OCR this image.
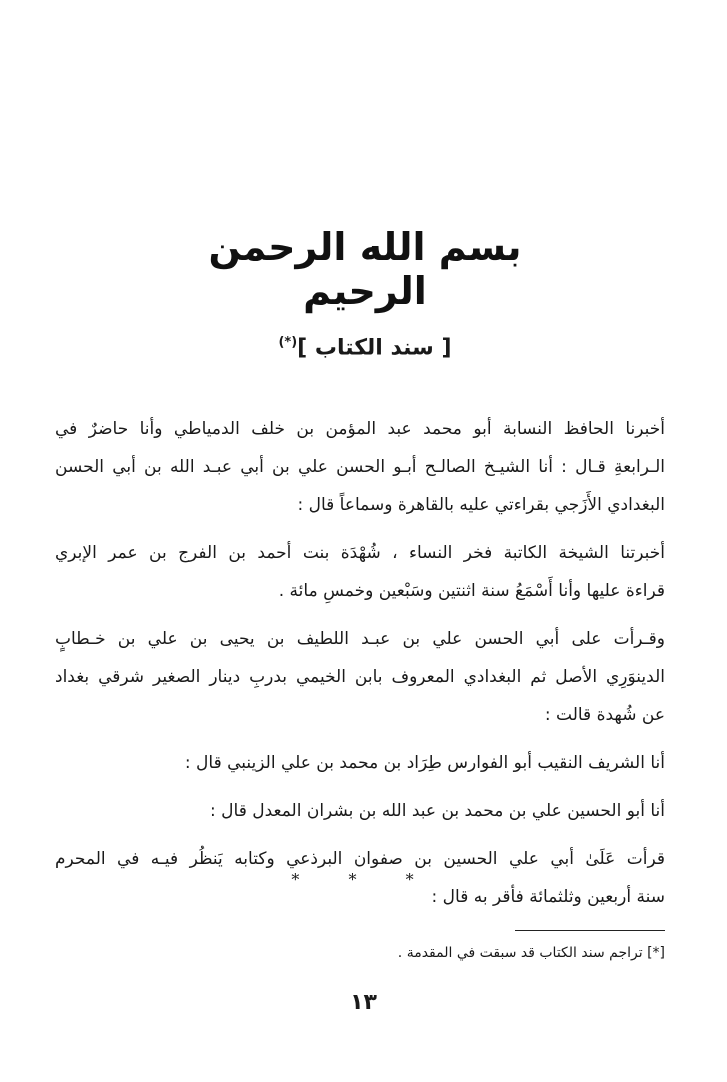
بسم الله الرحمن الرحيم
[ سند الكتاب ](*)

أخبرنا الحافظ النسابة أبو محمد عبد المؤمن بن خلف الدمياطي وأنا حاضرٌ في
الـرابعةِ قـال : أنا الشيـخ الصالـح أبـو الحسن علي بن أبي عبـد الله بن أبي الحسن
البغدادي الأَزَجي بقراءتي عليه بالقاهرة وسماعاً قال :

أخبرتنا الشيخة الكاتبة فخر النساء ، شُهْدَة بنت أحمد بن الفرج بن عمر الإبري
قراءة عليها وأنا أَسْمَعُ سنة اثنتين وسَبْعين وخمسِ مائة .

وقـرأت على أبي الحسن علي بن عبـد اللطيف بن يحيى بن علي بن خـطابٍ
الدينوَرِي الأصل ثم البغدادي المعروف بابن الخيمي بدربِ دينار الصغير شرقي بغداد
عن شُهدة قالت :

أنا الشريف النقيب أبو الفوارس طِرَاد بن محمد بن علي الزينبي قال :

أنا أبو الحسين علي بن محمد بن عبد الله بن بشران المعدل قال :

قرأت عَلَىٰ أبي علي الحسين بن صفوان البرذعي وكتابه يَنظُر فيـه في المحرم
سنة أربعين وثلثمائة فأقر به قال :

* * *
[*] تراجم سند الكتاب قد سبقت في المقدمة .
١٣
